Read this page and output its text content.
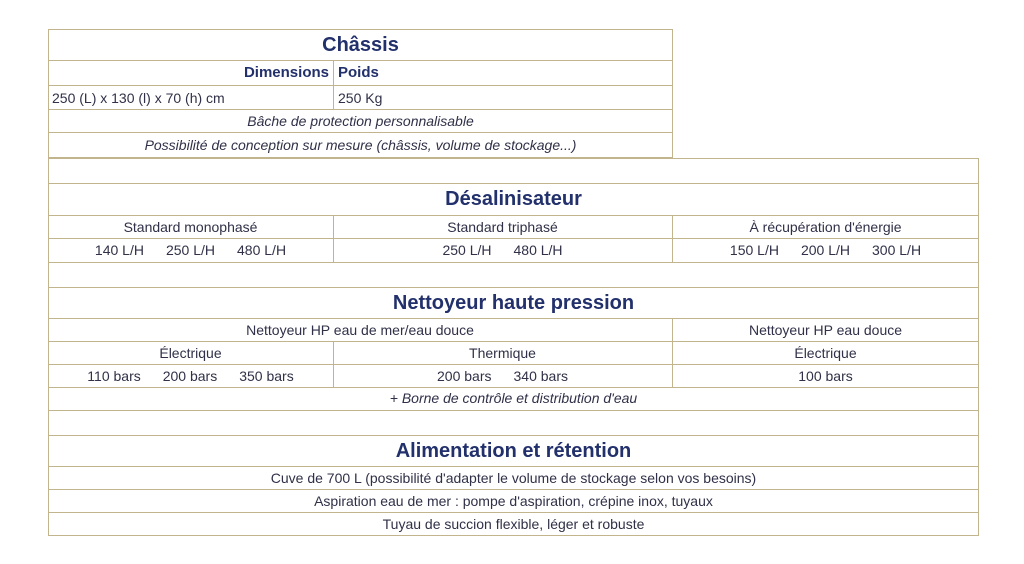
Châssis
Dimensions Poids
250 (L) x 130 (l) x 70 (h) cm	250 Kg
Bâche de protection personnalisable
Possibilité de conception sur mesure (châssis, volume de stockage...)
Désalinisateur
Standard monophasé	Standard triphasé	À récupération d'énergie
140 L/H 250 L/H 480 L/H	250 L/H 480 L/H	150 L/H 200 L/H 300 L/H
Nettoyeur haute pression
Nettoyeur HP eau de mer/eau douce	Nettoyeur HP eau douce
Électrique	Thermique	Électrique
110 bars 200 bars 350 bars	200 bars 340 bars	100 bars
+ Borne de contrôle et distribution d'eau
Alimentation et rétention
Cuve de 700 L (possibilité d'adapter le volume de stockage selon vos besoins)
Aspiration eau de mer : pompe d'aspiration, crépine inox, tuyaux
Tuyau de succion flexible, léger et robuste
